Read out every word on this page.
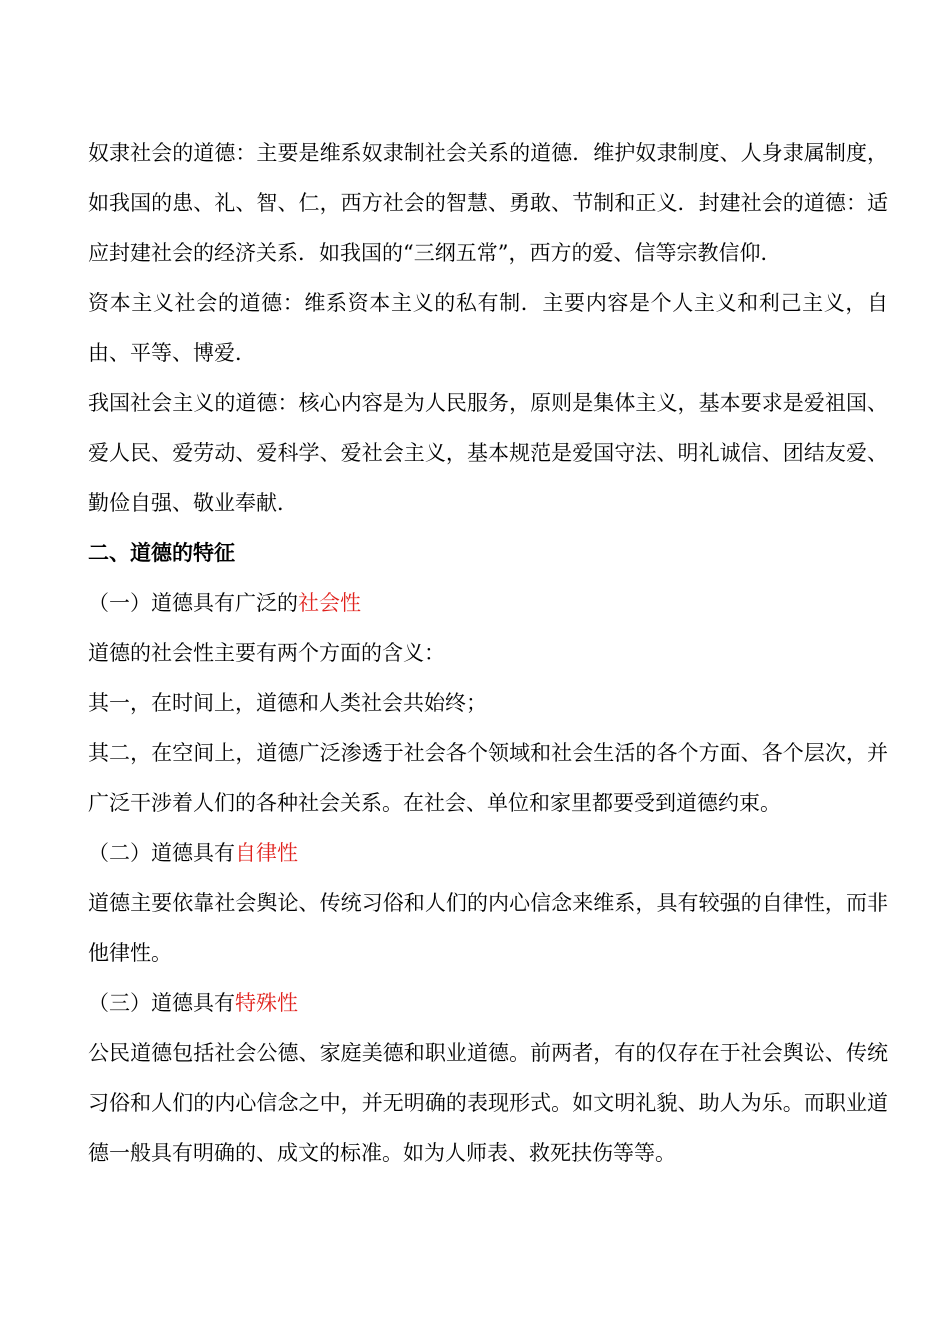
奴隶社会的道德：主要是维系奴隶制社会关系的道德．维护奴隶制度、人身隶属制度，如我国的患、礼、智、仁，西方社会的智慧、勇敢、节制和正义．封建社会的道德：适应封建社会的经济关系．如我国的“三纲五常”，西方的爱、信等宗教信仰．

资本主义社会的道德：维系资本主义的私有制．主要内容是个人主义和利己主义，自由、平等、博爱．

我国社会主义的道德：核心内容是为人民服务，原则是集体主义，基本要求是爱祖国、爱人民、爱劳动、爱科学、爱社会主义，基本规范是爱国守法、明礼诚信、团结友爱、勤俭自强、敬业奉献．

二、道德的特征

（一）道德具有广泛的社会性

道德的社会性主要有两个方面的含义：

其一，在时间上，道德和人类社会共始终；

其二，在空间上，道德广泛渗透于社会各个领域和社会生活的各个方面、各个层次，并广泛干涉着人们的各种社会关系。在社会、单位和家里都要受到道德约束。

（二）道德具有自律性

道德主要依靠社会舆论、传统习俗和人们的内心信念来维系，具有较强的自律性，而非他律性。

（三）道德具有特殊性

公民道德包括社会公德、家庭美德和职业道德。前两者，有的仅存在于社会舆讼、传统习俗和人们的内心信念之中，并无明确的表现形式。如文明礼貌、助人为乐。而职业道德一般具有明确的、成文的标准。如为人师表、救死扶伤等等。
